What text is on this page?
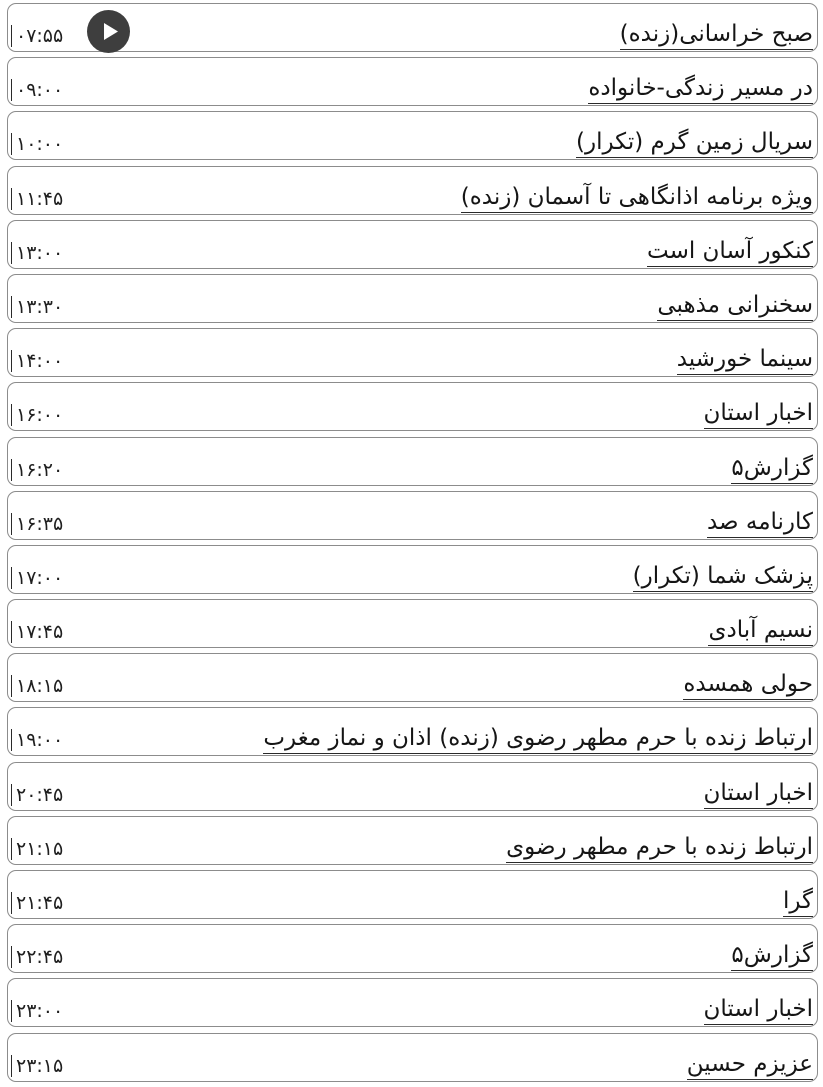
۰۷:۵۵	صبح خراسانی(زنده)
۰۹:۰۰	در مسیر زندگی-خانواده
۱۰:۰۰	سریال زمین گرم (تکرار)
۱۱:۴۵	ویژه برنامه اذانگاهی تا آسمان (زنده)
۱۳:۰۰	کنکور آسان است
۱۳:۳۰	سخنرانی مذهبی
۱۴:۰۰	سینما خورشید
۱۶:۰۰	اخبار استان
۱۶:۲۰	گزارش۵
۱۶:۳۵	کارنامه صد
۱۷:۰۰	پزشک شما (تکرار)
۱۷:۴۵	نسیم آبادی
۱۸:۱۵	حولی همسده
۱۹:۰۰	ارتباط زنده با حرم مطهر رضوی (زنده) اذان و نماز مغرب
۲۰:۴۵	اخبار استان
۲۱:۱۵	ارتباط زنده با حرم مطهر رضوی
۲۱:۴۵	گرا
۲۲:۴۵	گزارش۵
۲۳:۰۰	اخبار استان
۲۳:۱۵	عزیزم حسین
